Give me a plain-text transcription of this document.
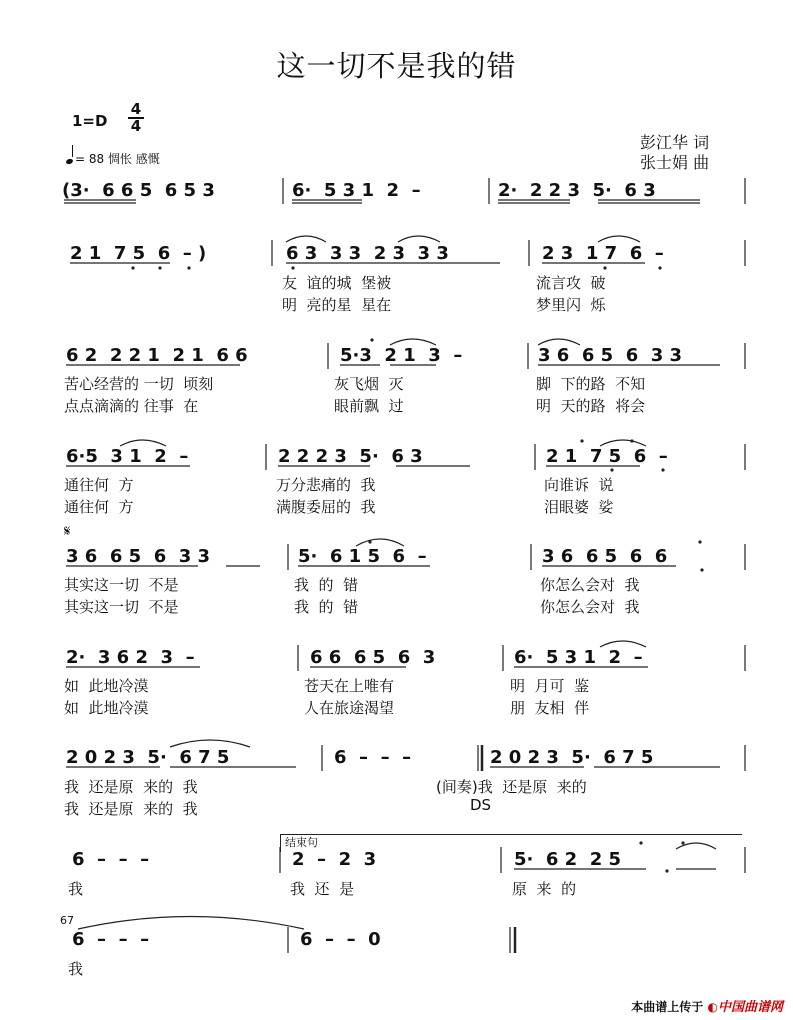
这一切不是我的错
1=D
4
4
彭江华 词
张士娟 曲
= 88 惆怅 感慨
(3·  6 6 5  6 5 3	6·  5 3 1  2  –	2·  2 2 3  5·  6 3
2 1  7 5  6  – )	6 3  3 3  2 3  3 3	2 3  1 7  6  –
友  谊的城  堡被	流言攻  破
明  亮的星  星在	梦里闪  烁
6 2  2 2 1  2 1  6 6	5·3  2 1  3  –	3 6  6 5  6  3 3
苦心经营的 一切  顷刻	灰飞烟  灭	脚  下的路  不知
点点滴滴的 往事  在	眼前飘  过	明  天的路  将会
6·5  3 1  2  –	2 2 2 3  5·  6 3	2 1  7 5  6  –
通往何  方	万分悲痛的  我	向谁诉  说
通往何  方	满腹委屈的  我	泪眼婆  娑
𝄋
3 6  6 5  6  3 3	5·  6 1 5  6  –	3 6  6 5  6  6
其实这一切  不是	我  的  错	你怎么会对  我
其实这一切  不是	我  的  错	你怎么会对  我
2·  3 6 2  3  –	6 6  6 5  6  3	6·  5 3 1  2  –
如  此地冷漠	苍天在上唯有	明  月可  鉴
如  此地冷漠	人在旅途渴望	朋  友相  伴
2 0 2 3  5·  6 7 5	6  –  –  –	2 0 2 3  5·  6 7 5
我  还是原  来的  我	(间奏)我  还是原  来的
我  还是原  来的  我	DS
结束句
6  –  –  –	2  –  2  3	5·  6 2  2 5
我	我  还  是	原  来  的
67
6  –  –  –	6  –  –  0
我
本曲谱上传于 ◐中国曲谱网
